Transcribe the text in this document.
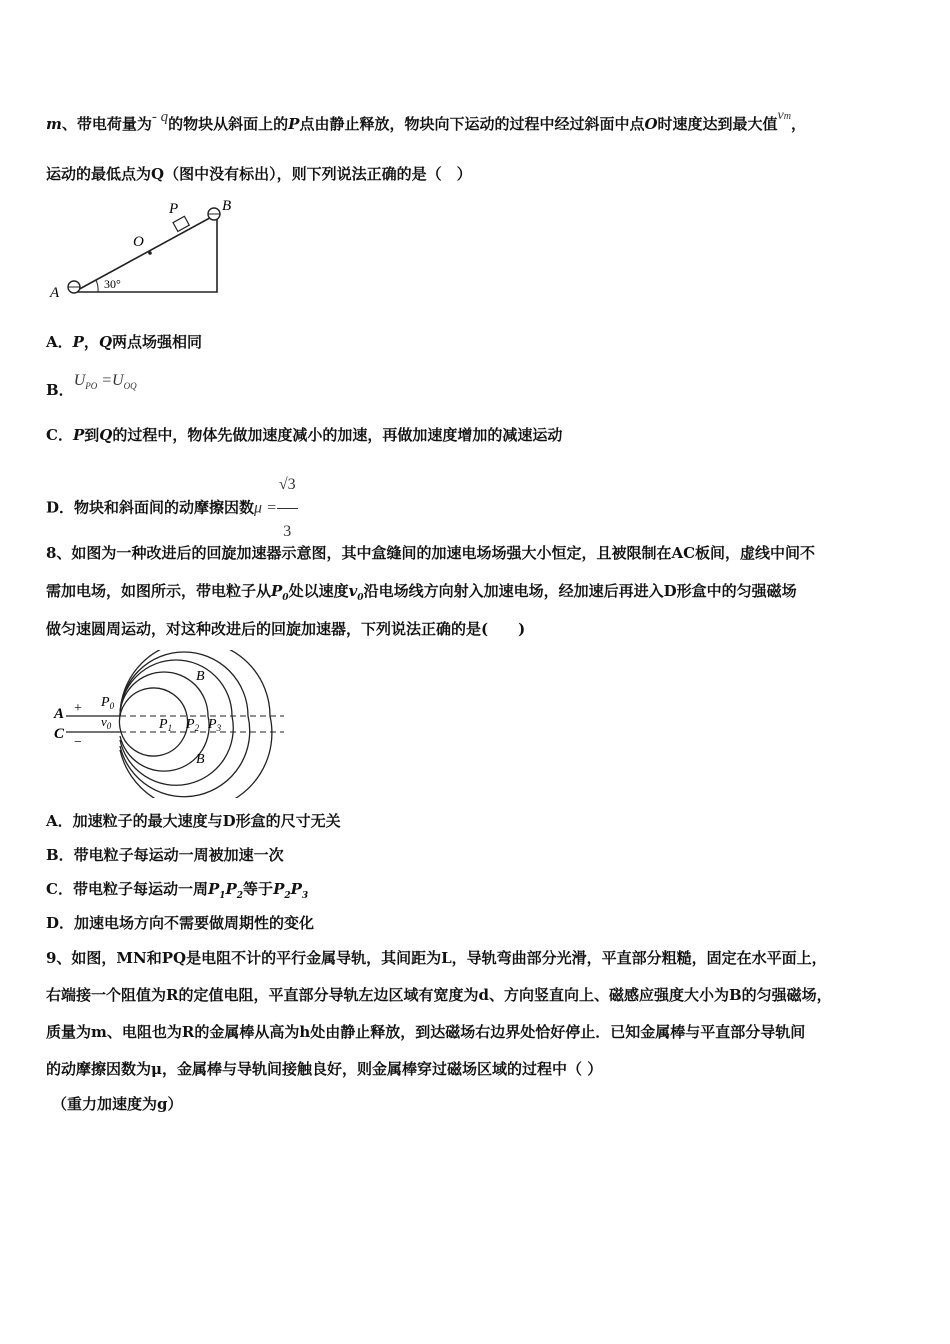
m、带电荷量为- q的物块从斜面上的P点由静止释放，物块向下运动的过程中经过斜面中点O时速度达到最大值vm，
运动的最低点为Q（图中没有标出），则下列说法正确的是（　）
P	B
O
A
30°
A．P，Q两点场强相同
B．$U_{PO} =U_{OQ}$
C．P到Q的过程中，物体先做加速度减小的加速，再做加速度增加的减速运动
D．物块和斜面间的动摩擦因数$\mu = \frac{√3}{3}$
8、如图为一种改进后的回旋加速器示意图，其中盒缝间的加速电场场强大小恒定，且被限制在AC板间，虚线中间不
需加电场，如图所示，带电粒子从$P_0$处以速度$v_0$沿电场线方向射入加速电场，经加速后再进入D形盒中的匀强磁场
做匀速圆周运动，对这种改进后的回旋加速器，下列说法正确的是(　　)
A
C
+
−
$P_0$
$v_0$
B
B
$P_1$ $P_2$ $P_3$
A．加速粒子的最大速度与D形盒的尺寸无关
B．带电粒子每运动一周被加速一次
C．带电粒子每运动一周$P_1P_2$等于$P_2P_3$
D．加速电场方向不需要做周期性的变化
9、如图，MN和PQ是电阻不计的平行金属导轨，其间距为L，导轨弯曲部分光滑，平直部分粗糙，固定在水平面上，
右端接一个阻值为R的定值电阻，平直部分导轨左边区域有宽度为d、方向竖直向上、磁感应强度大小为B的匀强磁场，
质量为m、电阻也为R的金属棒从高为h处由静止释放，到达磁场右边界处恰好停止．已知金属棒与平直部分导轨间
的动摩擦因数为μ，金属棒与导轨间接触良好，则金属棒穿过磁场区域的过程中（ ）
（重力加速度为g）
